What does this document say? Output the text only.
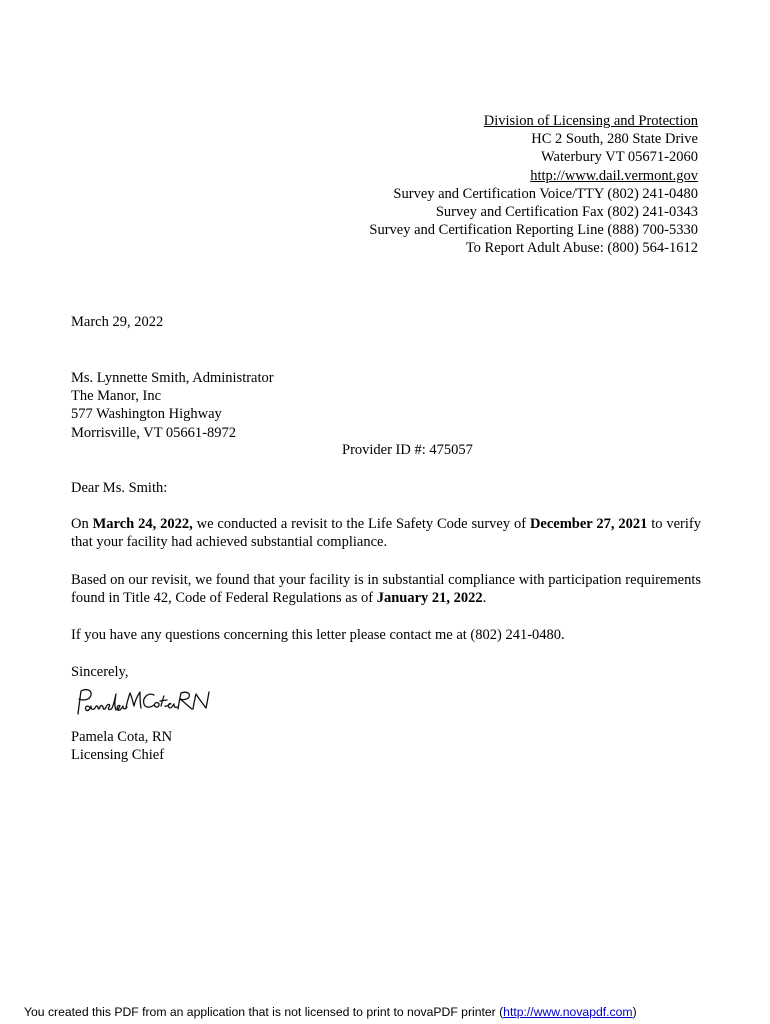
Division of Licensing and Protection
HC 2 South, 280 State Drive
Waterbury VT 05671-2060
http://www.dail.vermont.gov
Survey and Certification Voice/TTY (802) 241-0480
Survey and Certification Fax (802) 241-0343
Survey and Certification Reporting Line (888) 700-5330
To Report Adult Abuse: (800) 564-1612
March 29, 2022
Ms. Lynnette Smith, Administrator
The Manor, Inc
577 Washington Highway
Morrisville, VT 05661-8972
Provider ID #: 475057
Dear Ms. Smith:
On March 24, 2022, we conducted a revisit to the Life Safety Code survey of December 27, 2021 to verify that your facility had achieved substantial compliance.
Based on our revisit, we found that your facility is in substantial compliance with participation requirements found in Title 42, Code of Federal Regulations as of January 21, 2022.
If you have any questions concerning this letter please contact me at (802) 241-0480.
Sincerely,
Pamela Cota, RN
Licensing Chief
You created this PDF from an application that is not licensed to print to novaPDF printer (http://www.novapdf.com)
